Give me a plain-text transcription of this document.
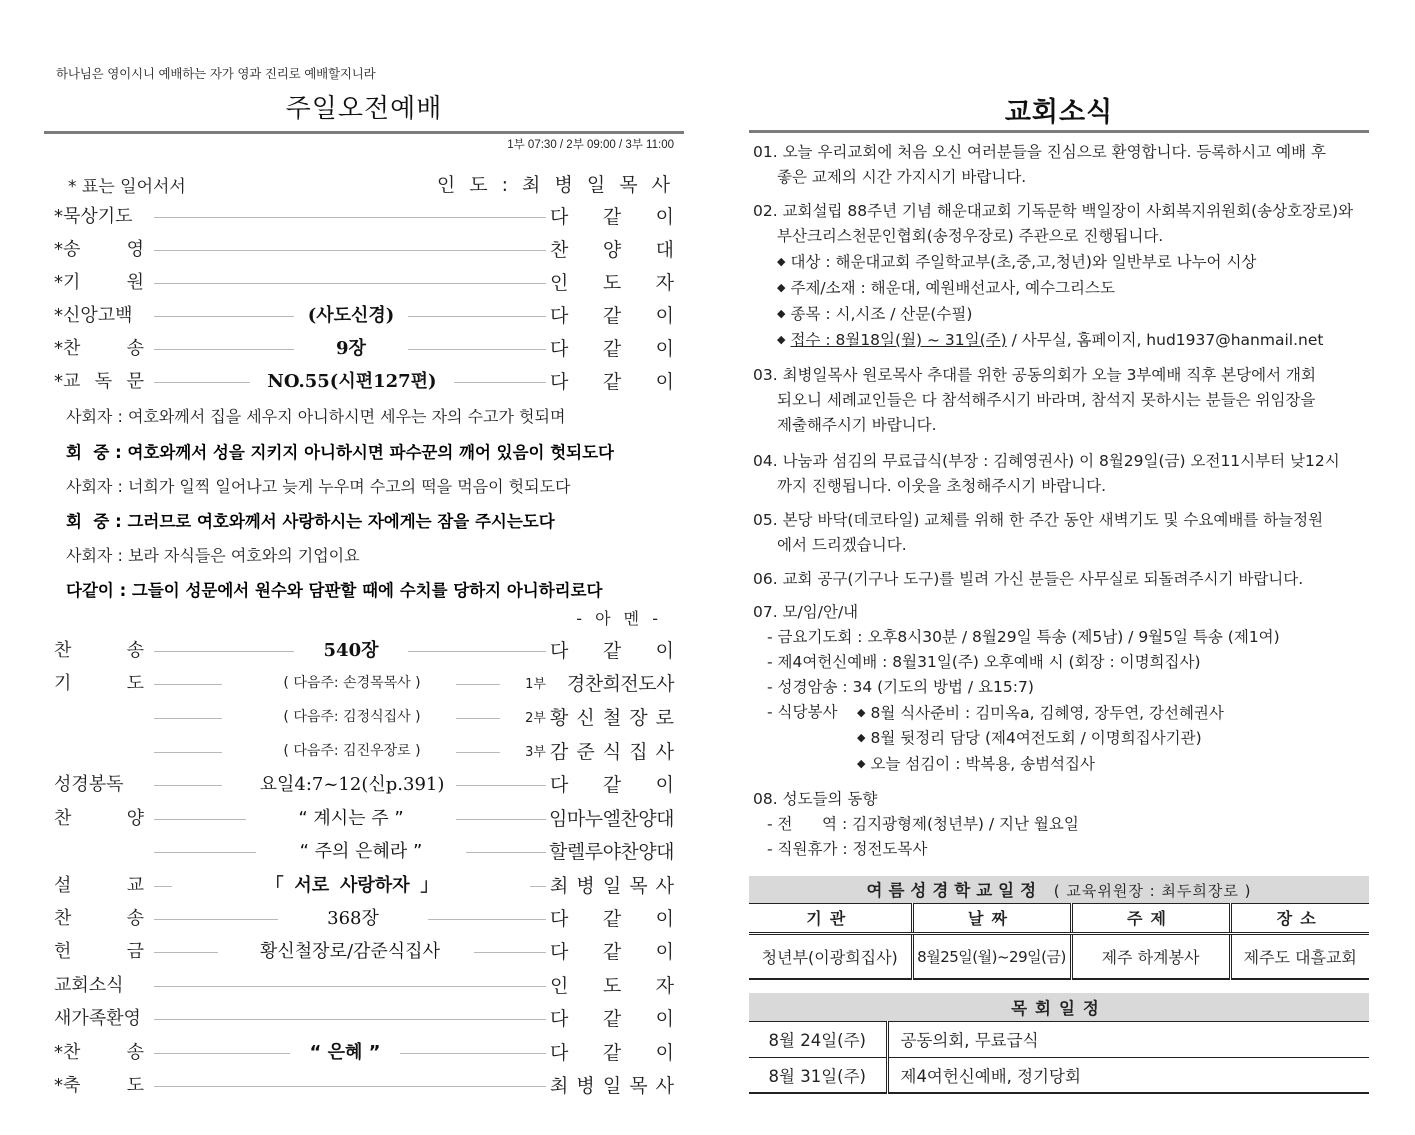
하나님은 영이시니 예배하는 자가 영과 진리로 예배할지니라
주일오전예배
1부 07:30 / 2부 09:00 / 3부 11:00
* 표는 일어서서	인 도 : 최 병 일 목 사
*묵상기도	다 같 이
*송	영	찬 양 대
*기	원	인 도 자
*신앙고백	(사도신경)	다 같 이
*찬	송	9장	다 같 이
*교 독 문	NO.55(시편127편)	다 같 이
사회자 : 여호와께서 집을 세우지 아니하시면 세우는 자의 수고가 헛되며
회  중 : 여호와께서 성을 지키지 아니하시면 파수꾼의 깨어 있음이 헛되도다
사회자 : 너희가 일찍 일어나고 늦게 누우며 수고의 떡을 먹음이 헛되도다
회  중 : 그러므로 여호와께서 사랑하시는 자에게는 잠을 주시는도다
사회자 : 보라 자식들은 여호와의 기업이요
다같이 : 그들이 성문에서 원수와 담판할 때에 수치를 당하지 아니하리로다
- 아 멘 -
찬	송	540장	다 같 이
기	도	( 다음주: 손경목목사 )	1부	경찬희전도사
( 다음주: 김정식집사 )	2부 황 신 철 장 로
( 다음주: 김진우장로 )	3부 감 준 식 집 사
성경봉독	요일4:7~12(신p.391)	다 같 이
찬	양	“ 계시는 주 ”	임마누엘찬양대
“ 주의 은혜라 ”	할렐루야찬양대
설	교	「 서로 사랑하자 」	최 병 일 목 사
찬	송	368장	다 같 이
헌	금	황신철장로/감준식집사	다 같 이
교회소식	인 도 자
새가족환영	다 같 이
*찬	송	“ 은혜 ”	다 같 이
*축	도	최 병 일 목 사
교회소식
01. 오늘 우리교회에 처음 오신 여러분들을 진심으로 환영합니다. 등록하시고 예배 후
좋은 교제의 시간 가지시기 바랍니다.
02. 교회설립 88주년 기념 해운대교회 기독문학 백일장이 사회복지위원회(송상호장로)와
부산크리스천문인협회(송정우장로) 주관으로 진행됩니다.
◆ 대상 : 해운대교회 주일학교부(초,중,고,청년)와 일반부로 나누어 시상
◆ 주제/소재 : 해운대, 예원배선교사, 예수그리스도
◆ 종목 : 시,시조 / 산문(수필)
◆ 접수 : 8월18일(월) ~ 31일(주) / 사무실, 홈페이지, hud1937@hanmail.net
03. 최병일목사 원로목사 추대를 위한 공동의회가 오늘 3부예배 직후 본당에서 개회
되오니 세례교인들은 다 참석해주시기 바라며, 참석지 못하시는 분들은 위임장을
제출해주시기 바랍니다.
04. 나눔과 섬김의 무료급식(부장 : 김혜영권사) 이 8월29일(금) 오전11시부터 낮12시
까지 진행됩니다. 이웃을 초청해주시기 바랍니다.
05. 본당 바닥(데코타일) 교체를 위해 한 주간 동안 새벽기도 및 수요예배를 하늘정원
에서 드리겠습니다.
06. 교회 공구(기구나 도구)를 빌려 가신 분들은 사무실로 되돌려주시기 바랍니다.
07. 모/임/안/내
- 금요기도회 : 오후8시30분 / 8월29일 특송 (제5남) / 9월5일 특송 (제1여)
- 제4여헌신예배 : 8월31일(주) 오후예배 시 (회장 : 이명희집사)
- 성경암송 : 34 (기도의 방법 / 요15:7)
- 식당봉사 ◆ 8월 식사준비 : 김미옥a, 김혜영, 장두연, 강선혜권사
◆ 8월 뒷정리 담당 (제4여전도회 / 이명희집사기관)
◆ 오늘 섬김이 : 박복용, 송범석집사
08. 성도들의 동향
- 전      역 : 김지광형제(청년부) / 지난 월요일
- 직원휴가 : 정전도목사
여름성경학교일정 ( 교육위원장 : 최두희장로 )			
기관	날짜	주제	장소
청년부(이광희집사)	8월25일(월)~29일(금)	제주 하계봉사	제주도 대흘교회
목회일정	
8월 24일(주)	공동의회, 무료급식
8월 31일(주)	제4여헌신예배, 정기당회
